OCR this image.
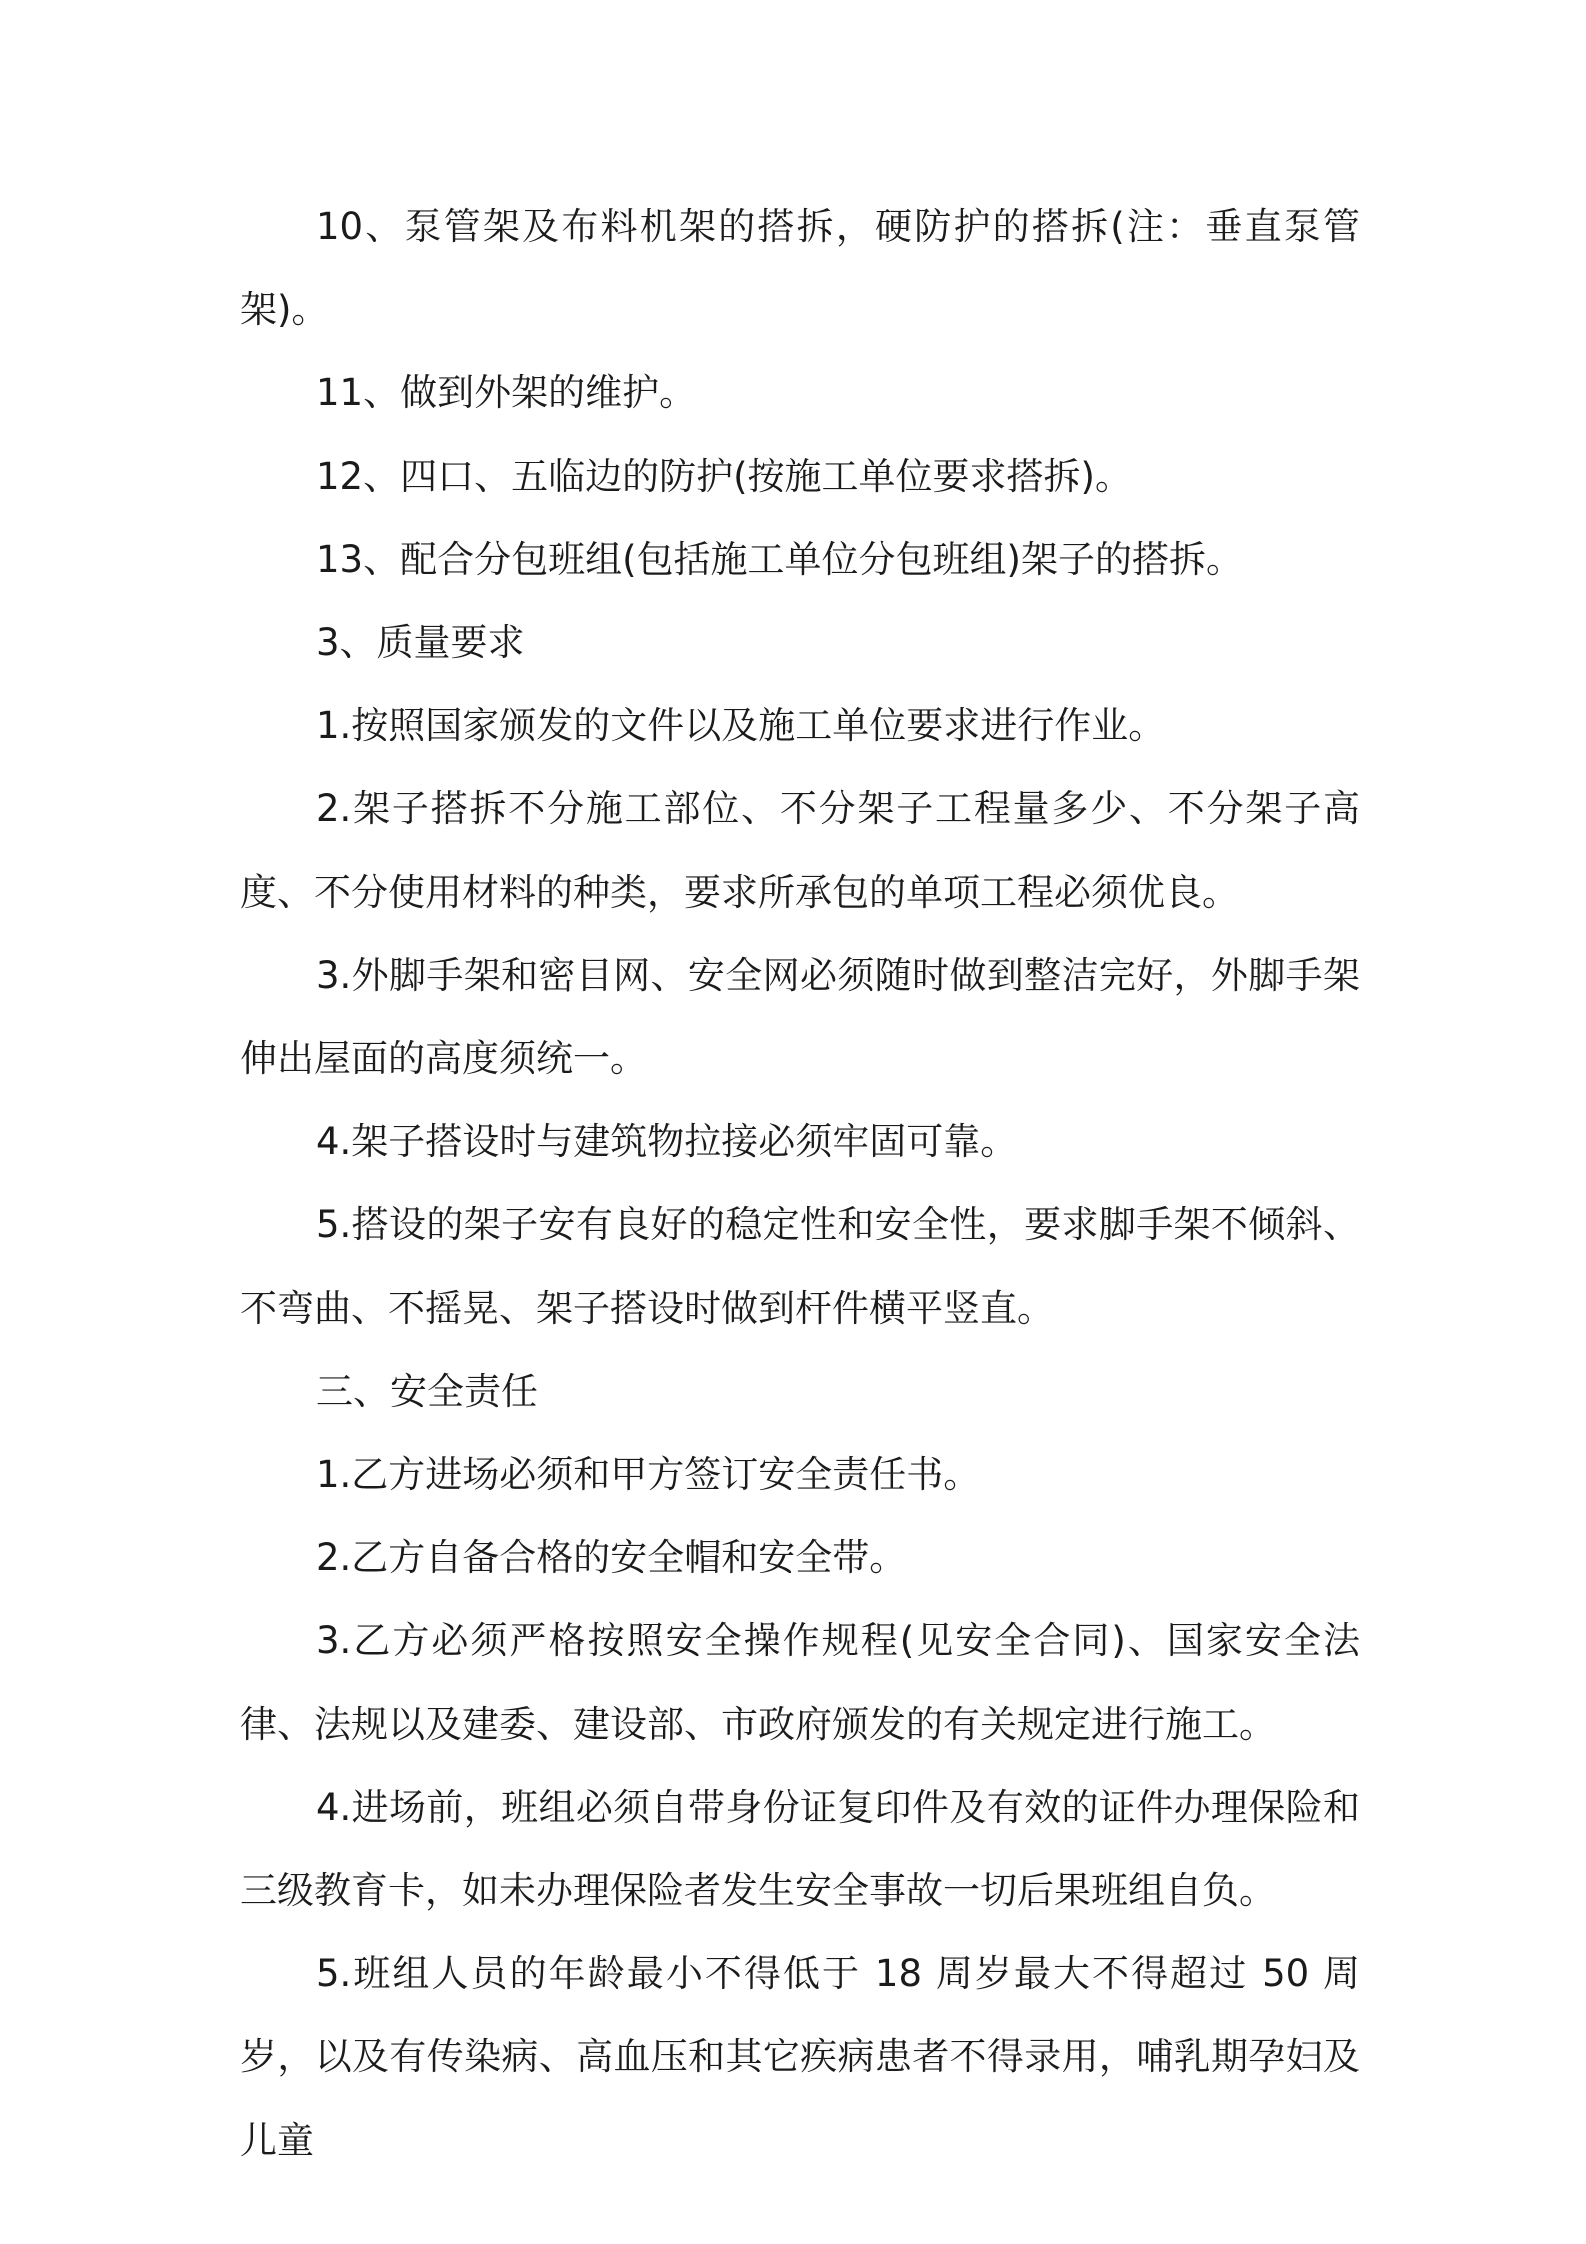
10、泵管架及布料机架的搭拆，硬防护的搭拆(注：垂直泵管架)。

11、做到外架的维护。

12、四口、五临边的防护(按施工单位要求搭拆)。

13、配合分包班组(包括施工单位分包班组)架子的搭拆。

3、质量要求

1.按照国家颁发的文件以及施工单位要求进行作业。

2.架子搭拆不分施工部位、不分架子工程量多少、不分架子高度、不分使用材料的种类，要求所承包的单项工程必须优良。

3.外脚手架和密目网、安全网必须随时做到整洁完好，外脚手架伸出屋面的高度须统一。

4.架子搭设时与建筑物拉接必须牢固可靠。

5.搭设的架子安有良好的稳定性和安全性，要求脚手架不倾斜、不弯曲、不摇晃、架子搭设时做到杆件横平竖直。

三、安全责任

1.乙方进场必须和甲方签订安全责任书。

2.乙方自备合格的安全帽和安全带。

3.乙方必须严格按照安全操作规程(见安全合同)、国家安全法律、法规以及建委、建设部、市政府颁发的有关规定进行施工。

4.进场前，班组必须自带身份证复印件及有效的证件办理保险和三级教育卡，如未办理保险者发生安全事故一切后果班组自负。

5.班组人员的年龄最小不得低于 18 周岁最大不得超过 50 周岁，以及有传染病、高血压和其它疾病患者不得录用，哺乳期孕妇及儿童
